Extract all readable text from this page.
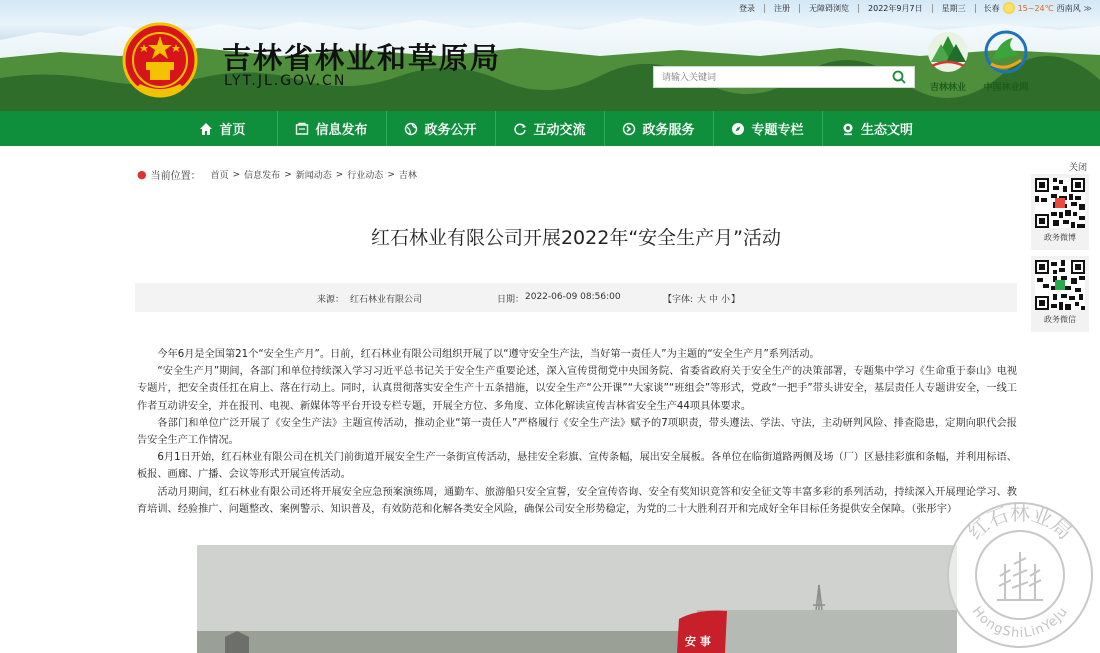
登录	注册	无障碍浏览	2022年9月7日	星期三	长春 15~24℃ 西南风 ≫
吉林省林业和草原局
LYT.JL.GOV.CN
请输入关键词	吉林林业	中国林业网
首页	信息发布	政务公开	互动交流	政务服务	专题专栏	生态文明
● 当前位置： 首页 > 信息发布 > 新闻动态 > 行业动态 > 吉林
红石林业有限公司开展2022年“安全生产月”活动
来源： 红石林业有限公司	日期： 2022-06-09 08:56:00	【字体: 大 中 小 】

今年6月是全国第21个“安全生产月”。日前，红石林业有限公司组织开展了以“遵守安全生产法，当好第一责任人”为主题的“安全生产月”系列活动。

“安全生产月”期间，各部门和单位持续深入学习习近平总书记关于安全生产重要论述，深入宣传贯彻党中央国务院、省委省政府关于安全生产的决策部署，专题集中学习《生命重于泰山》电视专题片，把安全责任扛在肩上、落在行动上。同时，认真贯彻落实安全生产十五条措施，以安全生产“公开课”“大家谈”“班组会”等形式，党政“一把手”带头讲安全，基层责任人专题讲安全，一线工作者互动讲安全，并在报刊、电视、新媒体等平台开设专栏专题，开展全方位、多角度、立体化解读宣传吉林省安全生产44项具体要求。

各部门和单位广泛开展了《安全生产法》主题宣传活动，推动企业“第一责任人”严格履行《安全生产法》赋予的7项职责，带头遵法、学法、守法，主动研判风险、排查隐患，定期向职代会报告安全生产工作情况。

6月1日开始，红石林业有限公司在机关门前街道开展安全生产一条街宣传活动，悬挂安全彩旗、宣传条幅，展出安全展板。各单位在临街道路两侧及场（厂）区悬挂彩旗和条幅，并利用标语、板报、画廊、广播、会议等形式开展宣传活动。

活动月期间，红石林业有限公司还将开展安全应急预案演练周，通勤车、旅游船只安全宣誓，安全宣传咨询、安全有奖知识竞答和安全征文等丰富多彩的系列活动，持续深入开展理论学习、教育培训、经验推广、问题整改、案例警示、知识普及，有效防范和化解各类安全风险，确保公司安全形势稳定，为党的二十大胜利召开和完成好全年目标任务提供安全保障。（张彤宇）

安 事
关闭
政务微博
政务微信
红石林业局
HongShiLinYeJu
